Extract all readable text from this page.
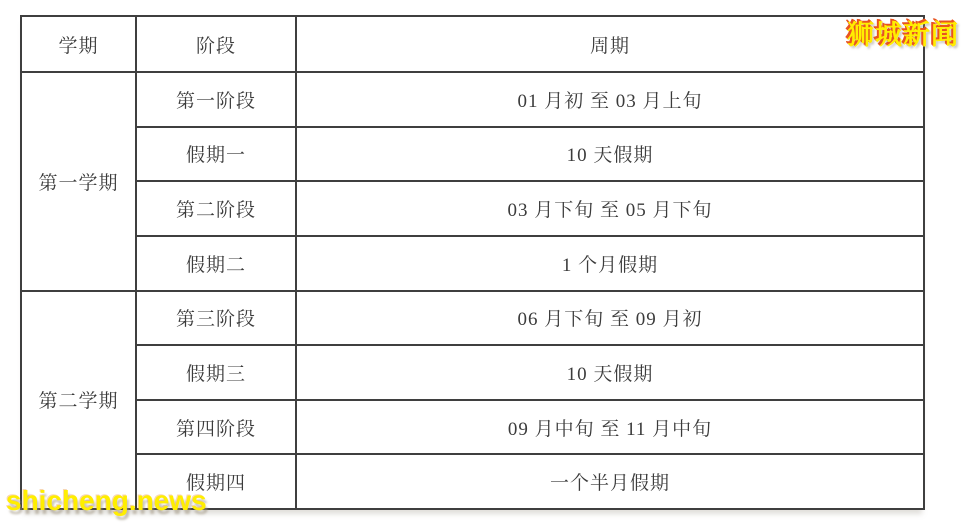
学期	阶段	周期
第一学期	第一阶段	01 月初 至 03 月上旬
	假期一	10 天假期
	第二阶段	03 月下旬 至 05 月下旬
	假期二	1 个月假期
第二学期	第三阶段	06 月下旬 至 09 月初
	假期三	10 天假期
	第四阶段	09 月中旬 至 11 月中旬
	假期四	一个半月假期
狮城新闻
shicheng.news
